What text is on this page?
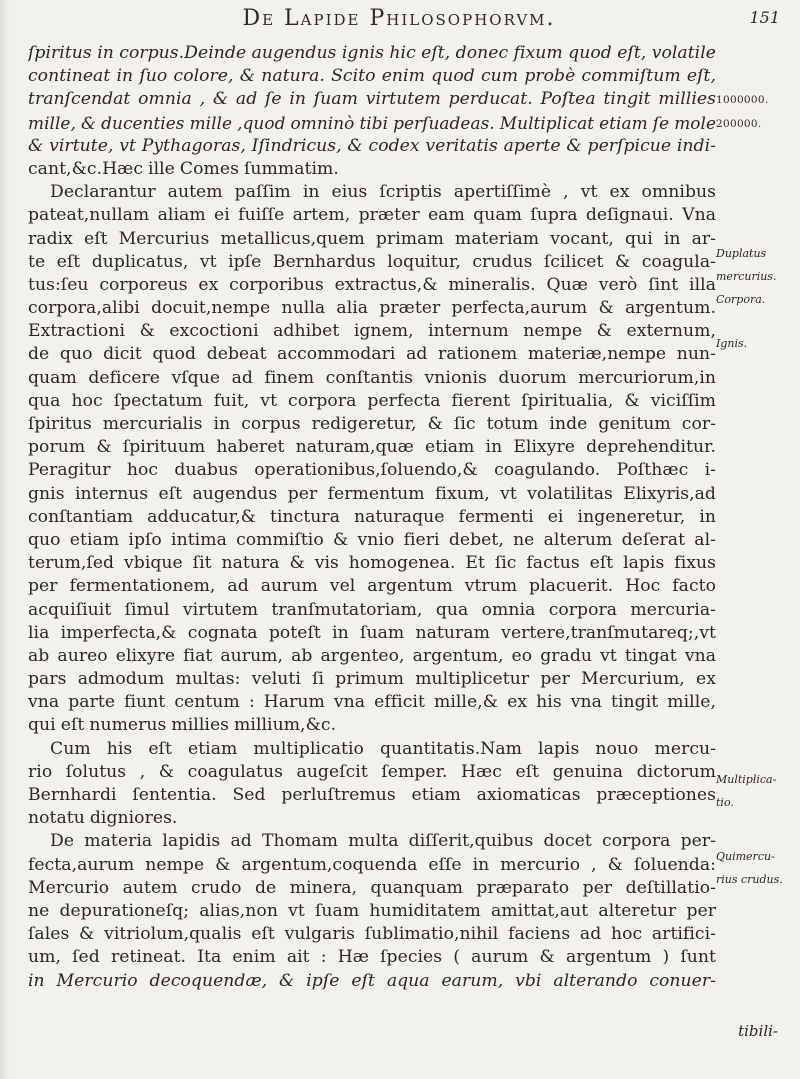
De Lapide Philosophorvm.	151
ſpiritus in corpus.Deinde augendus ignis hic eſt, donec fixum quod eſt, volatile
contineat in ſuo colore, & natura. Scito enim quod cum probè commiſtum eſt,
tranſcendat omnia , & ad ſe in ſuam virtutem perducat. Poſtea tingit millies
mille, & ducenties mille ,quod omninò tibi perſuadeas. Multiplicat etiam ſe mole
& virtute, vt Pythagoras, Iſindricus, & codex veritatis aperte & perſpicue indi-
cant,&c.Hæc ille Comes ſummatim.
Declarantur autem paſſim in eius ſcriptis apertiſſimè , vt ex omnibus
pateat,nullam aliam ei fuiſſe artem, præter eam quam ſupra deſignaui. Vna
radix eſt Mercurius metallicus,quem primam materiam vocant, qui in ar-
te eſt duplicatus, vt ipſe Bernhardus loquitur, crudus ſcilicet & coagula-
tus:ſeu corporeus ex corporibus extractus,& mineralis. Quæ verò ſint illa
corpora,alibi docuit,nempe nulla alia præter perfecta,aurum & argentum.
Extractioni & excoctioni adhibet ignem, internum nempe & externum,
de quo dicit quod debeat accommodari ad rationem materiæ,nempe nun-
quam deficere vſque ad finem conſtantis vnionis duorum mercuriorum,in
qua hoc ſpectatum fuit, vt corpora perfecta fierent ſpiritualia, & viciſſim
ſpiritus mercurialis in corpus redigeretur, & ſic totum inde genitum cor-
porum & ſpirituum haberet naturam,quæ etiam in Elixyre deprehenditur.
Peragitur hoc duabus operationibus,ſoluendo,& coagulando. Poſthæc i-
gnis internus eſt augendus per fermentum fixum, vt volatilitas Elixyris,ad
conſtantiam adducatur,& tinctura naturaque fermenti ei ingeneretur, in
quo etiam ipſo intima commiſtio & vnio fieri debet, ne alterum deſerat al-
terum,ſed vbique ſit natura & vis homogenea. Et ſic factus eſt lapis fixus
per fermentationem, ad aurum vel argentum vtrum placuerit. Hoc facto
acquiſiuit ſimul virtutem tranſmutatoriam, qua omnia corpora mercuria-
lia imperfecta,& cognata poteſt in ſuam naturam vertere,tranſmutareq;,vt
ab aureo elixyre fiat aurum, ab argenteo, argentum, eo gradu vt tingat vna
pars admodum multas: veluti ſi primum multiplicetur per Mercurium, ex
vna parte fiunt centum : Harum vna efficit mille,& ex his vna tingit mille,
qui eſt numerus millies millium,&c.
Cum his eſt etiam multiplicatio quantitatis.Nam lapis nouo mercu-
rio ſolutus , & coagulatus augeſcit ſemper. Hæc eſt genuina dictorum
Bernhardi ſententia. Sed perluſtremus etiam axiomaticas præceptiones
notatu digniores.
De materia lapidis ad Thomam multa diſſerit,quibus docet corpora per-
fecta,aurum nempe & argentum,coquenda eſſe in mercurio , & ſoluenda:
Mercurio autem crudo de minera, quanquam præparato per deſtillatio-
ne depurationeſq; alias,non vt ſuam humiditatem amittat,aut alteretur per
ſales & vitriolum,qualis eſt vulgaris ſublimatio,nihil faciens ad hoc artifici-
um, ſed retineat. Ita enim ait : Hæ ſpecies ( aurum & argentum ) ſunt
in Mercurio decoquendæ, & ipſe eſt aqua earum, vbi alterando conuer-
1000000.
200000.
Duplatus
mercurius.
Corpora.
Ignis.
Multiplica-
tio.
Quimercu-
rius crudus.
tibili-
